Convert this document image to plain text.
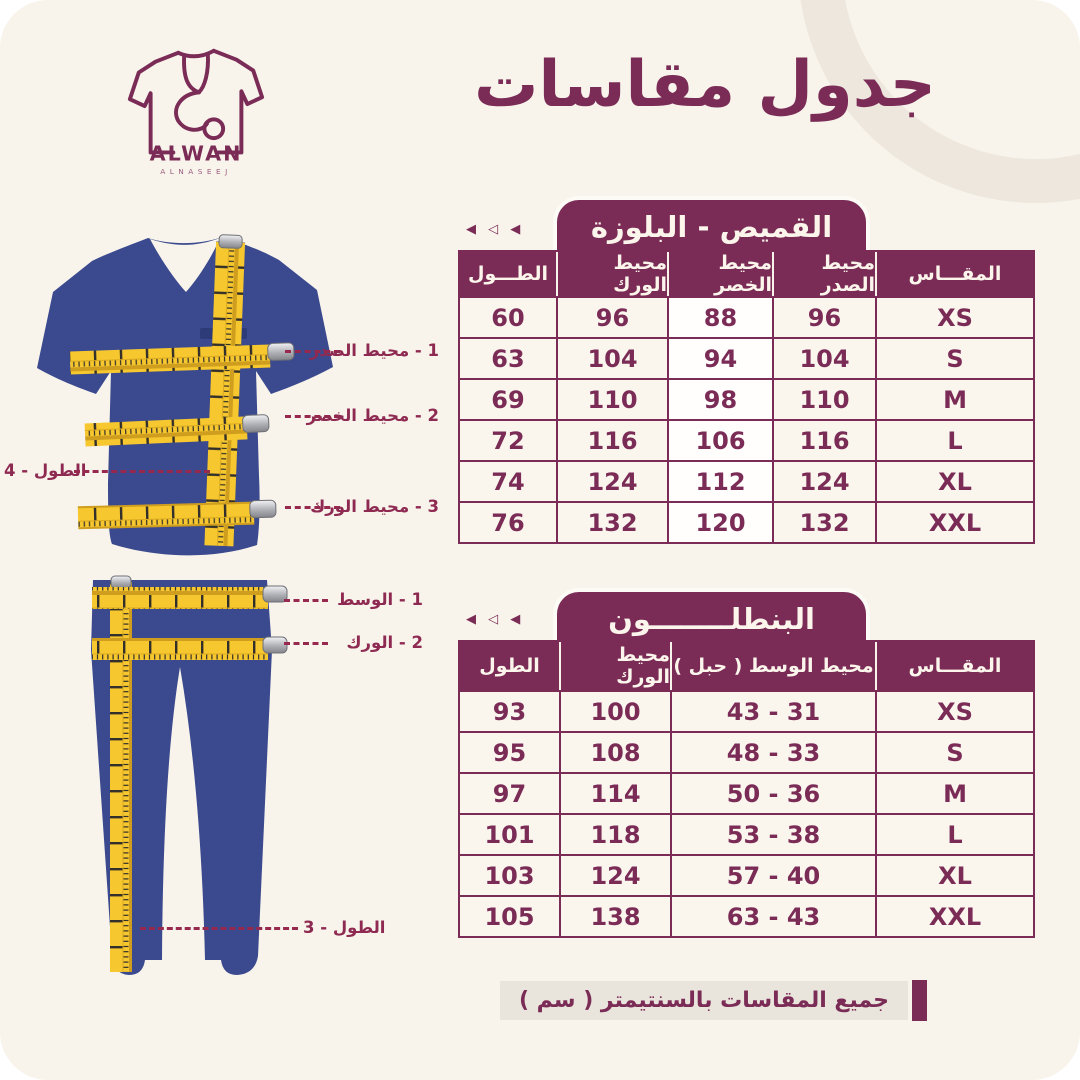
ALWAN
ALNASEEJ
جدول مقاسات
1 - محيط الصدر
2 - محيط الخصر
3 - محيط الورك
4 - الطول
القميص - البلوزة
◀ ◁ ◀
المقـــاس
محيط الصدر
محيط الخصر
محيط الورك
الطـــول
XS
96
88
96
60
S
104
94
104
63
M
110
98
110
69
L
116
106
116
72
XL
124
112
124
74
XXL
132
120
132
76
1 - الوسط
2 - الورك
3 - الطول
البنطلــــــــون
◀ ◁ ◀
المقـــاس
محيط الوسط ( حبل )
محيط الورك
الطول
XS
43 - 31
100
93
S
48 - 33
108
95
M
50 - 36
114
97
L
53 - 38
118
101
XL
57 - 40
124
103
XXL
63 - 43
138
105
جميع المقاسات بالسنتيمتر ( سم )
